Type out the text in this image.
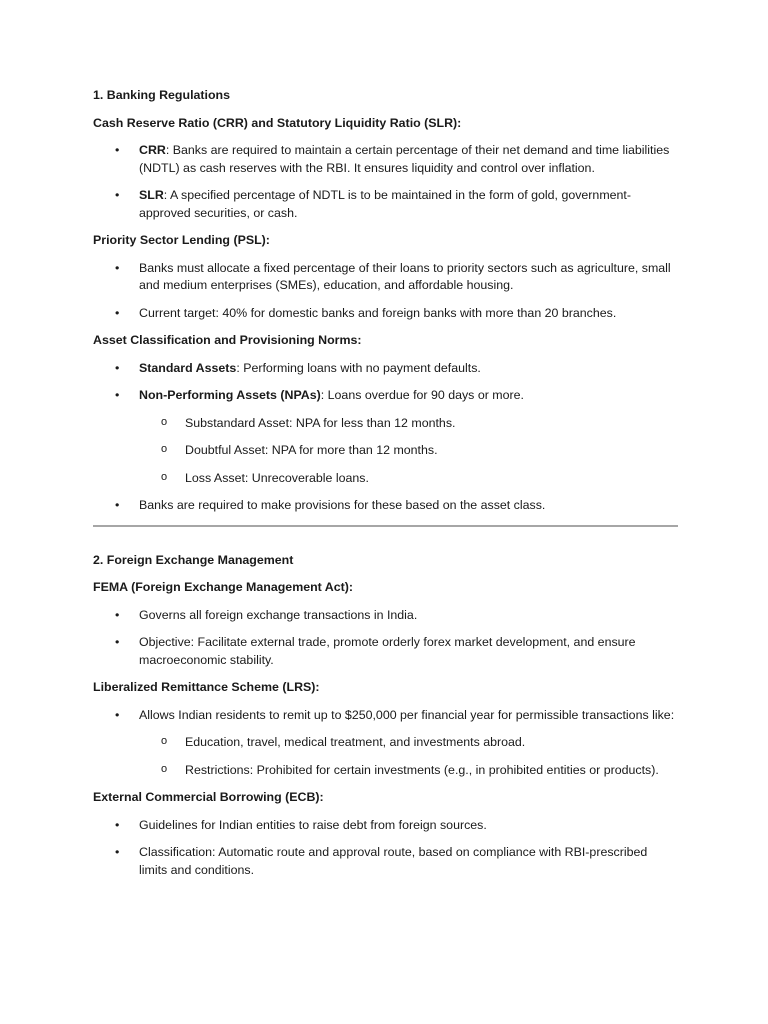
1. Banking Regulations

Cash Reserve Ratio (CRR) and Statutory Liquidity Ratio (SLR):

• CRR: Banks are required to maintain a certain percentage of their net demand and time liabilities (NDTL) as cash reserves with the RBI. It ensures liquidity and control over inflation.
• SLR: A specified percentage of NDTL is to be maintained in the form of gold, government-approved securities, or cash.

Priority Sector Lending (PSL):

• Banks must allocate a fixed percentage of their loans to priority sectors such as agriculture, small and medium enterprises (SMEs), education, and affordable housing.
• Current target: 40% for domestic banks and foreign banks with more than 20 branches.

Asset Classification and Provisioning Norms:

• Standard Assets: Performing loans with no payment defaults.
• Non-Performing Assets (NPAs): Loans overdue for 90 days or more.
o Substandard Asset: NPA for less than 12 months.
o Doubtful Asset: NPA for more than 12 months.
o Loss Asset: Unrecoverable loans.
• Banks are required to make provisions for these based on the asset class.

2. Foreign Exchange Management

FEMA (Foreign Exchange Management Act):

• Governs all foreign exchange transactions in India.
• Objective: Facilitate external trade, promote orderly forex market development, and ensure macroeconomic stability.

Liberalized Remittance Scheme (LRS):

• Allows Indian residents to remit up to $250,000 per financial year for permissible transactions like:
o Education, travel, medical treatment, and investments abroad.
o Restrictions: Prohibited for certain investments (e.g., in prohibited entities or products).

External Commercial Borrowing (ECB):

• Guidelines for Indian entities to raise debt from foreign sources.
• Classification: Automatic route and approval route, based on compliance with RBI-prescribed limits and conditions.
